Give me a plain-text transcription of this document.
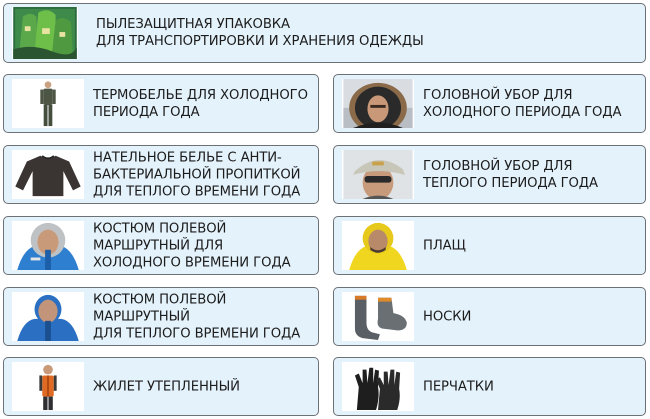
ПЫЛЕЗАЩИТНАЯ УПАКОВКА
ДЛЯ ТРАНСПОРТИРОВКИ И ХРАНЕНИЯ ОДЕЖДЫ
ТЕРМОБЕЛЬЕ ДЛЯ ХОЛОДНОГО
ПЕРИОДА ГОДА
ГОЛОВНОЙ УБОР ДЛЯ
ХОЛОДНОГО ПЕРИОДА ГОДА
НАТЕЛЬНОЕ БЕЛЬЕ С АНТИ-
БАКТЕРИАЛЬНОЙ ПРОПИТКОЙ
ДЛЯ ТЕПЛОГО ВРЕМЕНИ ГОДА
ГОЛОВНОЙ УБОР ДЛЯ
ТЕПЛОГО ПЕРИОДА ГОДА
КОСТЮМ ПОЛЕВОЙ
МАРШРУТНЫЙ ДЛЯ
ХОЛОДНОГО ВРЕМЕНИ ГОДА
ПЛАЩ
КОСТЮМ ПОЛЕВОЙ
МАРШРУТНЫЙ
ДЛЯ ТЕПЛОГО ВРЕМЕНИ ГОДА
НОСКИ
ЖИЛЕТ УТЕПЛЕННЫЙ	ПЕРЧАТКИ
